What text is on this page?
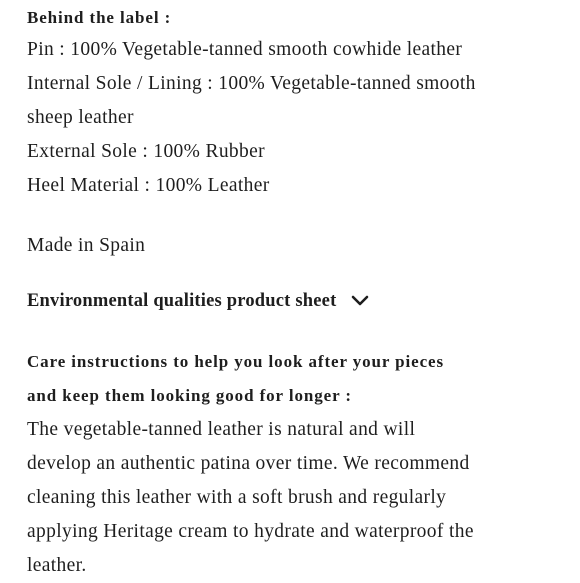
Behind the label :

Pin : 100% Vegetable-tanned smooth cowhide leather

Internal Sole / Lining : 100% Vegetable-tanned smooth

sheep leather

External Sole : 100% Rubber

Heel Material : 100% Leather

Made in Spain

Environmental qualities product sheet

Care instructions to help you look after your pieces

and keep them looking good for longer :

The vegetable-tanned leather is natural and will

develop an authentic patina over time. We recommend

cleaning this leather with a soft brush and regularly

applying Heritage cream to hydrate and waterproof the

leather.
